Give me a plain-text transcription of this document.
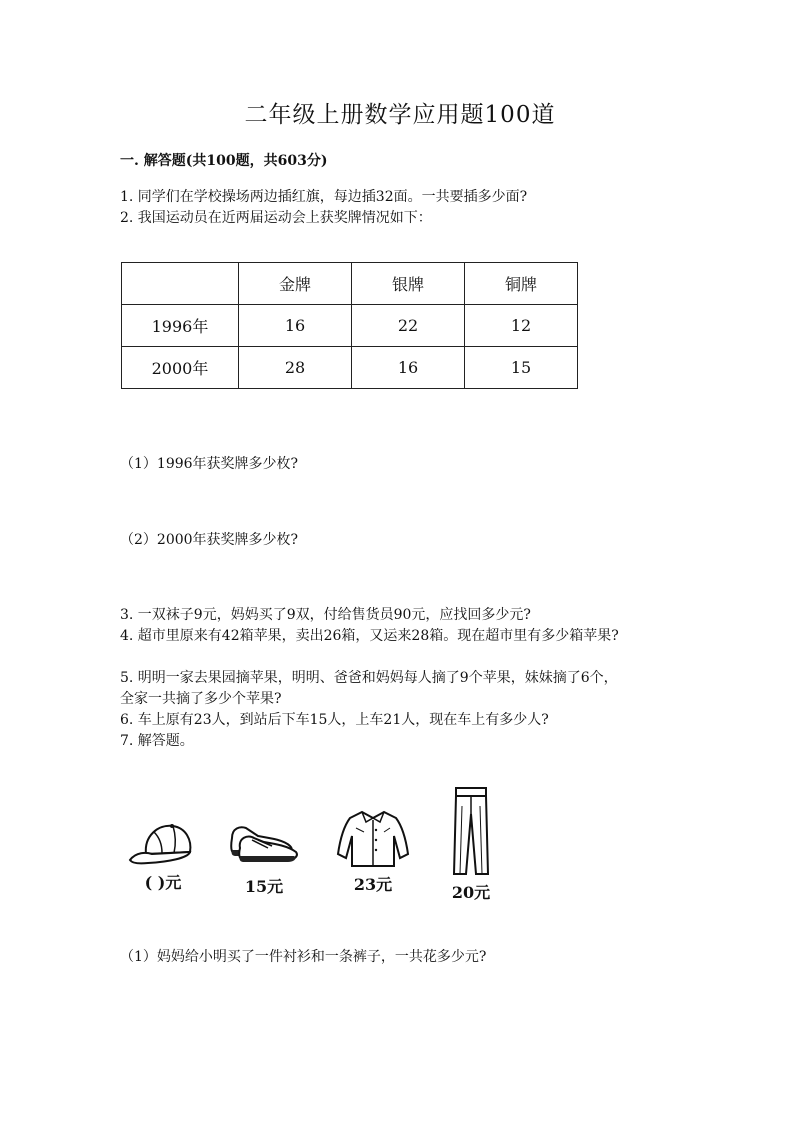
二年级上册数学应用题100道
一. 解答题(共100题，共603分)
1. 同学们在学校操场两边插红旗，每边插32面。一共要插多少面?
2. 我国运动员在近两届运动会上获奖牌情况如下：
	金牌	银牌	铜牌
1996年	16	22	12
2000年	28	16	15
（1）1996年获奖牌多少枚?
（2）2000年获奖牌多少枚?
3. 一双袜子9元，妈妈买了9双，付给售货员90元，应找回多少元?
4. 超市里原来有42箱苹果，卖出26箱，又运来28箱。现在超市里有多少箱苹果?
5. 明明一家去果园摘苹果，明明、爸爸和妈妈每人摘了9个苹果，妹妹摘了6个，全家一共摘了多少个苹果?
6. 车上原有23人，到站后下车15人，上车21人，现在车上有多少人?
7. 解答题。
( )元	15元	23元	20元
（1）妈妈给小明买了一件衬衫和一条裤子，一共花多少元?
